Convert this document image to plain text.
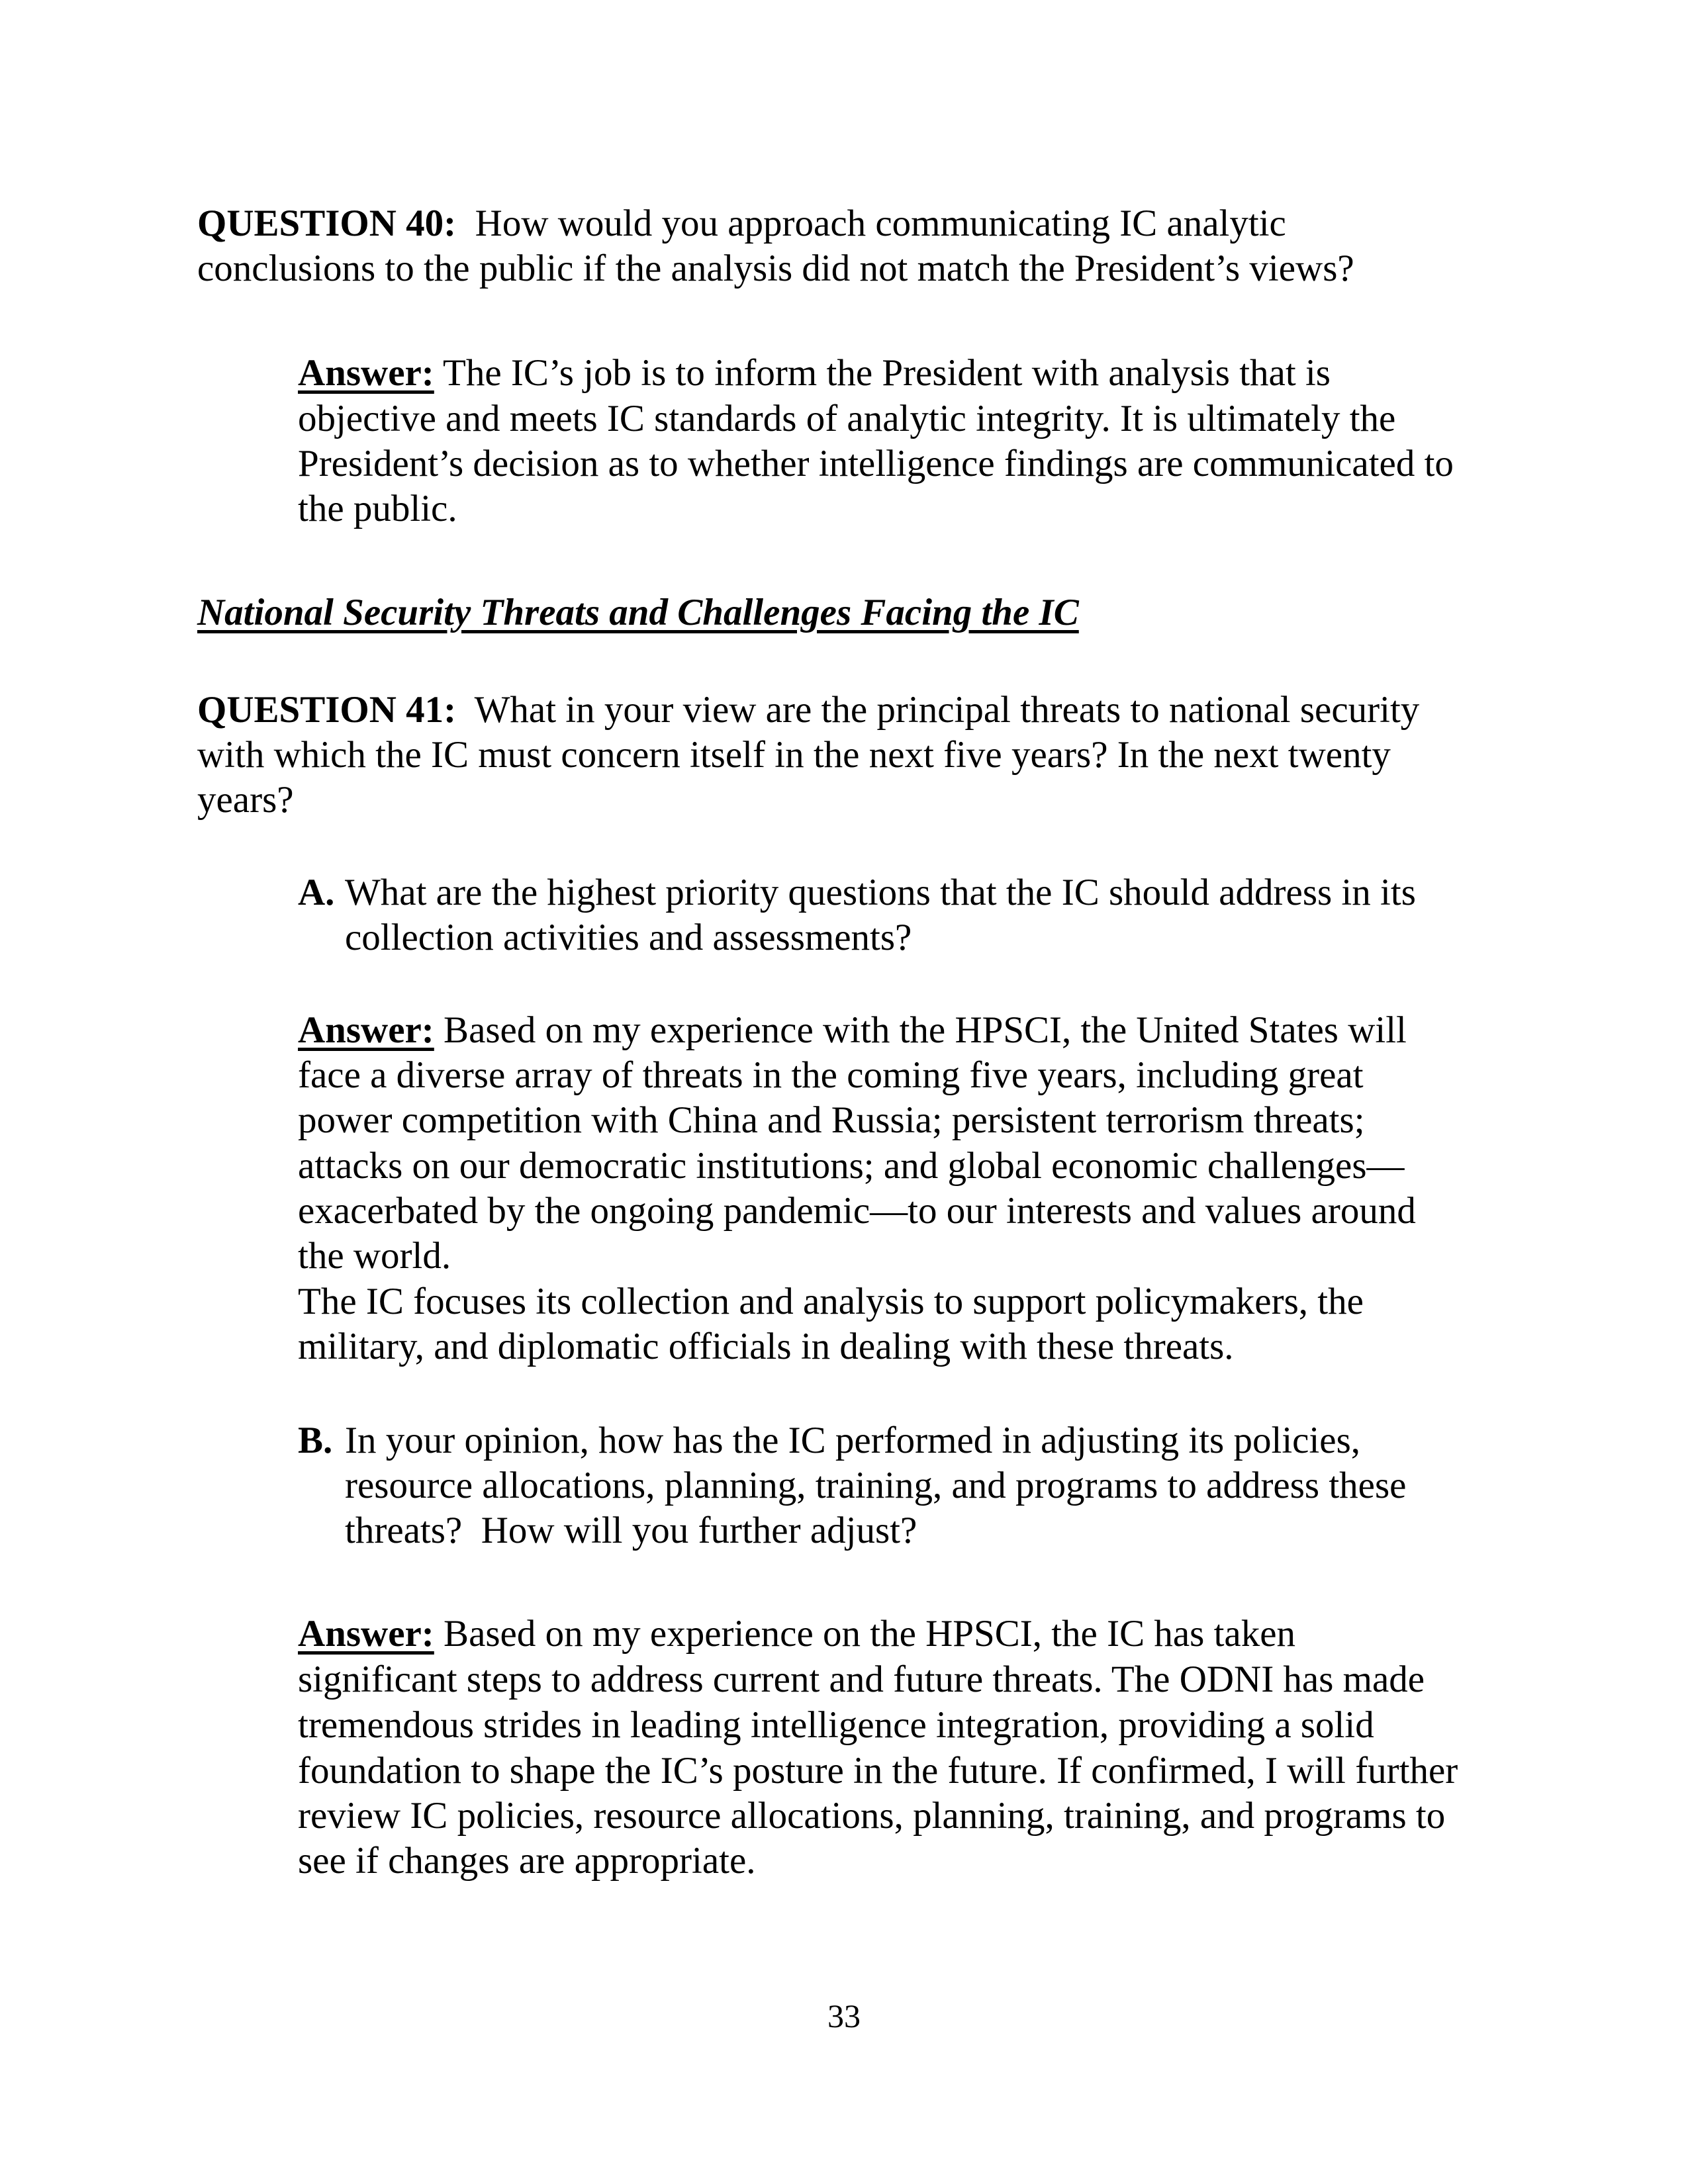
QUESTION 40:  How would you approach communicating IC analytic
conclusions to the public if the analysis did not match the President’s views?
Answer: The IC’s job is to inform the President with analysis that is
objective and meets IC standards of analytic integrity. It is ultimately the
President’s decision as to whether intelligence findings are communicated to
the public.
National Security Threats and Challenges Facing the IC
QUESTION 41:  What in your view are the principal threats to national security
with which the IC must concern itself in the next five years? In the next twenty
years?
A. What are the highest priority questions that the IC should address in its
collection activities and assessments?
Answer: Based on my experience with the HPSCI, the United States will
face a diverse array of threats in the coming five years, including great
power competition with China and Russia; persistent terrorism threats;
attacks on our democratic institutions; and global economic challenges—
exacerbated by the ongoing pandemic—to our interests and values around
the world.
The IC focuses its collection and analysis to support policymakers, the
military, and diplomatic officials in dealing with these threats.
B. In your opinion, how has the IC performed in adjusting its policies,
resource allocations, planning, training, and programs to address these
threats?  How will you further adjust?
Answer: Based on my experience on the HPSCI, the IC has taken
significant steps to address current and future threats. The ODNI has made
tremendous strides in leading intelligence integration, providing a solid
foundation to shape the IC’s posture in the future. If confirmed, I will further
review IC policies, resource allocations, planning, training, and programs to
see if changes are appropriate.
33
